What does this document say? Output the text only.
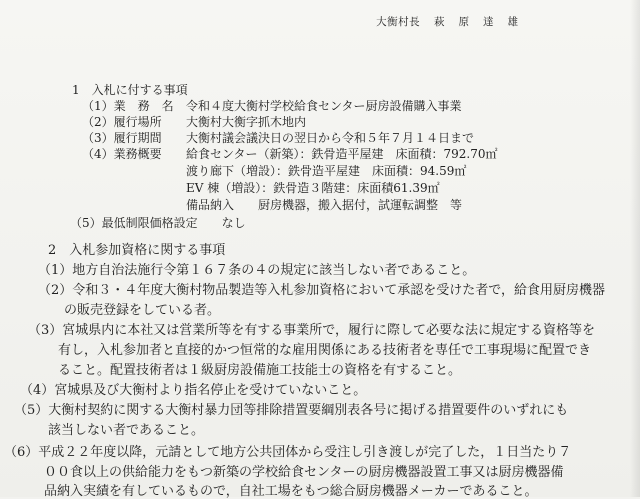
大衡村長 萩原達雄
1　入札に付する事項
（1）業　務　名 令和４度大衡村学校給食センター厨房設備購入事業
（2）履行場所 大衡村大衡字抓木地内
（3）履行期間 大衡村議会議決日の翌日から令和５年７月１４日まで
（4）業務概要 給食センター（新築）：鉄骨造平屋建　床面積：792.70㎡
渡り廊下（増設）：鉄骨造平屋建　床面積：94.59㎡
EV 棟（増設）：鉄骨造３階建：床面積61.39㎡
備品納入　　厨房機器，搬入据付，試運転調整　等
（5）最低制限価格設定　　なし
2　入札参加資格に関する事項
（1）地方自治法施行令第１６７条の４の規定に該当しない者であること。
（2）令和３・４年度大衡村物品製造等入札参加資格において承認を受けた者で，給食用厨房機器
の販売登録をしている者。
（3）宮城県内に本社又は営業所等を有する事業所で，履行に際して必要な法に規定する資格等を
有し，入札参加者と直接的かつ恒常的な雇用関係にある技術者を専任で工事現場に配置でき
ること。配置技術者は１級厨房設備施工技能士の資格を有すること。
（4）宮城県及び大衡村より指名停止を受けていないこと。
（5）大衡村契約に関する大衡村暴力団等排除措置要綱別表各号に掲げる措置要件のいずれにも
該当しない者であること。
（6）平成２２年度以降，元請として地方公共団体から受注し引き渡しが完了した，１日当たり７
００食以上の供給能力をもつ新築の学校給食センターの厨房機器設置工事又は厨房機器備
品納入実績を有しているもので，自社工場をもつ総合厨房機器メーカーであること。
